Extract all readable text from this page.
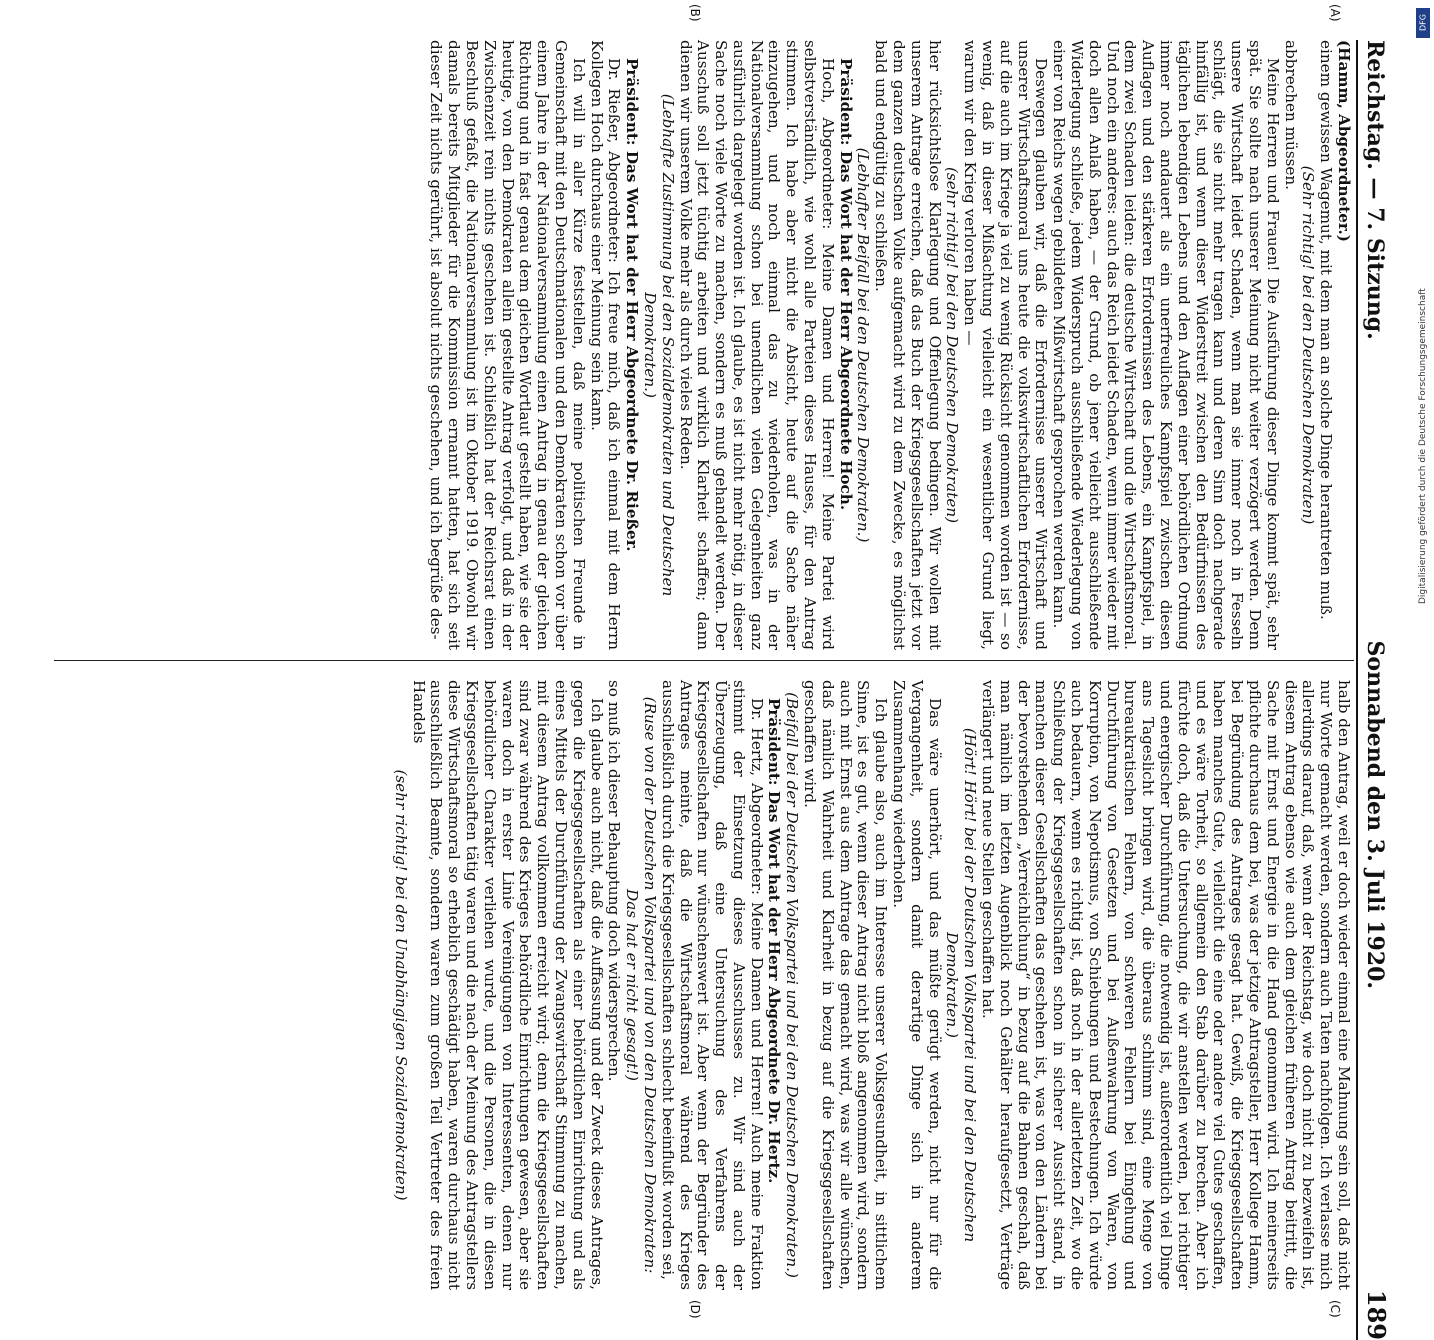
Reichstag. — 7. Sitzung.
Sonnabend den 3. Juli 1920.
189
(A)
(B)
(C)
(D)

(Hamm, Abgeordneter.)

einem gewissen Wagemut, mit dem man an solche Dinge herantreten muß.

(Sehr richtig! bei den Deutschen Demokraten)

abbrechen müssen.

Meine Herren und Frauen! Die Ausführung dieser Dinge kommt spät, sehr spät. Sie sollte nach unserer Meinung nicht weiter verzögert werden. Denn unsere Wirtschaft leidet Schaden, wenn man sie immer noch in Fesseln schlägt, die sie nicht mehr tragen kann und deren Sinn doch nachgerade hinfällig ist, und wenn dieser Widerstreit zwischen den Bedürfnissen des täglichen lebendigen Lebens und den Auflagen einer behördlichen Ordnung immer noch andauert als ein unerfreuliches Kampfspiel zwischen diesen Auflagen und den stärkeren Erfordernissen des Lebens, ein Kampfspiel, in dem zwei Schaden leiden: die deutsche Wirtschaft und die Wirtschaftsmoral. Und noch ein anderes: auch das Reich leidet Schaden, wenn immer wieder mit doch allen Anlaß haben, — der Grund, ob jener vielleicht ausschließende Widerlegung schließe, jedem Widerspruch ausschließende Wiederlegung von einer von Reichs wegen gebildeten Mißwirtschaft gesprochen werden kann.

Deswegen glauben wir, daß die Erfordernisse unserer Wirtschaft und unserer Wirtschaftsmoral uns heute die volkswirtschaftlichen Erfordernisse, auf die auch im Kriege ja viel zu wenig Rücksicht genommen worden ist — so wenig, daß in dieser Mißachtung vielleicht ein wesentlicher Grund liegt, warum wir den Krieg verloren haben —

(sehr richtig! bei den Deutschen Demokraten)

hier rücksichtslose Klarlegung und Offenlegung bedingen. Wir wollen mit unserem Antrage erreichen, daß das Buch der Kriegsgesellschaften jetzt vor dem ganzen deutschen Volke aufgemacht wird zu dem Zwecke, es möglichst bald und endgültig zu schließen.

(Lebhafter Beifall bei den Deutschen Demokraten.)

Präsident: Das Wort hat der Herr Abgeordnete Hoch.

Hoch, Abgeordneter: Meine Damen und Herren! Meine Partei wird selbstverständlich, wie wohl alle Parteien dieses Hauses, für den Antrag stimmen. Ich habe aber nicht die Absicht, heute auf die Sache näher einzugehen, und noch einmal das zu wiederholen, was in der Nationalversammlung schon bei unendlichen vielen Gelegenheiten ganz ausführlich dargelegt worden ist. Ich glaube, es ist nicht mehr nötig, in dieser Sache noch viele Worte zu machen, sondern es muß gehandelt werden. Der Ausschuß soll jetzt tüchtig arbeiten und wirklich Klarheit schaffen; dann dienen wir unserem Volke mehr als durch vieles Reden.

(Lebhafte Zustimmung bei den Sozialdemokraten und Deutschen Demokraten.)

Präsident: Das Wort hat der Herr Abgeordnete Dr. Rießer.

Dr. Rießer, Abgeordneter: Ich freue mich, daß ich einmal mit dem Herrn Kollegen Hoch durchaus einer Meinung sein kann.

Ich will in aller Kürze feststellen, daß meine politischen Freunde in Gemeinschaft mit den Deutschnationalen und den Demokraten schon vor über einem Jahre in der Nationalversammlung einen Antrag in genau der gleichen Richtung und in fast genau dem gleichen Wortlaut gestellt haben, wie sie der heutige, von den Demokraten allein gestellte Antrag verfolgt, und daß in der Zwischenzeit rein nichts geschehen ist. Schließlich hat der Reichsrat einen Beschluß gefaßt, die Nationalversammlung ist im Oktober 1919. Obwohl wir damals bereits Mitglieder für die Kommission ernannt hatten, hat sich seit dieser Zeit nichts gerührt, ist absolut nichts geschehen, und ich begrüße des-

halb den Antrag, weil er doch wieder einmal eine Mahnung sein soll, daß nicht nur Worte gemacht werden, sondern auch Taten nachfolgen. Ich verlasse mich allerdings darauf, daß, wenn der Reichstag, wie doch nicht zu bezweifeln ist, diesem Antrag ebenso wie auch dem gleichen früheren Antrag beitritt, die Sache mit Ernst und Energie in die Hand genommen wird. Ich meinerseits pflichte durchaus dem bei, was der jetzige Antragsteller, Herr Kollege Hamm, bei Begründung des Antrages gesagt hat. Gewiß, die Kriegsgesellschaften haben manches Gute, vielleicht die eine oder andere viel Gutes geschaffen, und es wäre Torheit, so allgemein den Stab darüber zu brechen. Aber ich fürchte doch, daß die Untersuchung, die wir anstellen werden, bei richtiger und energischer Durchführung, die notwendig ist, außerordentlich viel Dinge ans Tageslicht bringen wird, die überaus schlimm sind, eine Menge von bureaukratischen Fehlern, von schweren Fehlern bei Eingehung und Durchführung von Gesetzen und bei Außenwahrung von Waren, von Korruption, von Nepotismus, von Schiebungen und Bestechungen. Ich würde auch bedauern, wenn es richtig ist, daß noch in der allerletzten Zeit, wo die Schließung der Kriegsgesellschaften schon in sicherer Aussicht stand, in manchen dieser Gesellschaften das geschehen ist, was von den Ländern bei der bevorstehenden „Verreichlichung“ in bezug auf die Bahnen geschah, daß man nämlich im letzten Augenblick noch Gehälter heraufgesetzt, Verträge verlängert und neue Stellen geschaffen hat.

(Hört! Hört! bei der Deutschen Volkspartei und bei den Deutschen Demokraten.)

Das wäre unerhört, und das müßte gerügt werden, nicht nur für die Vergangenheit, sondern damit derartige Dinge sich in anderem Zusammenhang wiederholen.

Ich glaube also, auch im Interesse unserer Volksgesundheit, in sittlichem Sinne, ist es gut, wenn dieser Antrag nicht bloß angenommen wird, sondern auch mit Ernst aus dem Antrage das gemacht wird, was wir alle wünschen, daß nämlich Wahrheit und Klarheit in bezug auf die Kriegsgesellschaften geschaffen wird.

(Beifall bei der Deutschen Volkspartei und bei den Deutschen Demokraten.)

Präsident: Das Wort hat der Herr Abgeordnete Dr. Hertz.

Dr. Hertz, Abgeordneter: Meine Damen und Herren! Auch meine Fraktion stimmt der Einsetzung dieses Ausschusses zu. Wir sind auch der Überzeugung, daß eine Untersuchung des Verfahrens der Kriegsgesellschaften nur wünschenswert ist. Aber wenn der Begründer des Antrages meinte, daß die Wirtschaftsmoral während des Krieges ausschließlich durch die Kriegsgesellschaften schlecht beeinflußt worden sei,

(Ruse von der Deutschen Volkspartei und von den Deutschen Demokraten: Das hat er nicht gesagt!)

so muß ich dieser Behauptung doch widersprechen.

Ich glaube auch nicht, daß die Auffassung und der Zweck dieses Antrages, gegen die Kriegsgesellschaften als einer behördlichen Einrichtung und als eines Mittels der Durchführung der Zwangswirtschaft Stimmung zu machen, mit diesem Antrag vollkommen erreicht wird; denn die Kriegsgesellschaften sind zwar während des Krieges behördliche Einrichtungen gewesen, aber sie waren doch in erster Linie Vereinigungen von Interessenten, denen nur behördlicher Charakter verliehen wurde, und die Personen, die in diesen Kriegsgesellschaften tätig waren und die nach der Meinung des Antragstellers diese Wirtschaftsmoral so erheblich geschädigt haben, waren durchaus nicht ausschließlich Beamte, sondern waren zum großen Teil Vertreter des freien Handels

(sehr richtig! bei den Unabhängigen Sozialdemokraten)

DFG
Digitalisierung gefördert durch die Deutsche Forschungsgemeinschaft
